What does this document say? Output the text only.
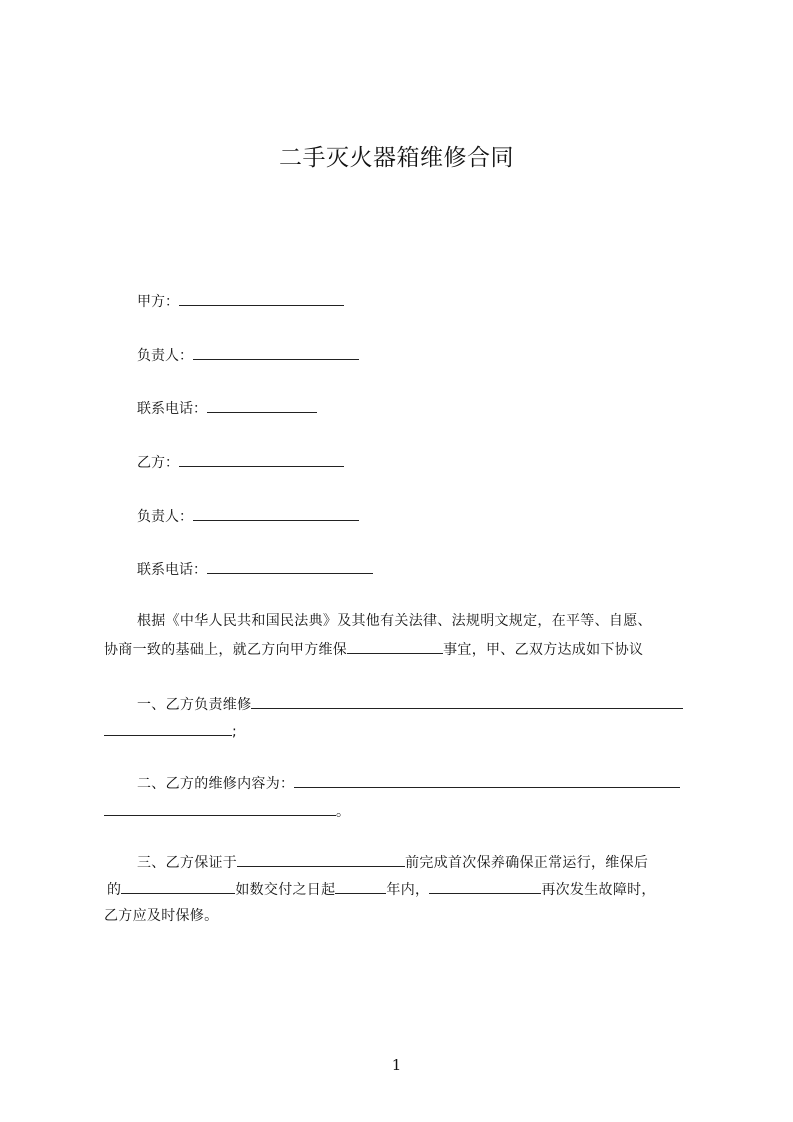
二手灭火器箱维修合同
甲方：
负责人：
联系电话：
乙方：
负责人：
联系电话：
根据《中华人民共和国民法典》及其他有关法律、法规明文规定，在平等、自愿、
协商一致的基础上，就乙方向甲方维保	事宜，甲、乙双方达成如下协议
一、乙方负责维修
;
二、乙方的维修内容为：
。
三、乙方保证于	前完成首次保养确保正常运行，维保后
的	如数交付之日起	年内，	再次发生故障时，
乙方应及时保修。
1
